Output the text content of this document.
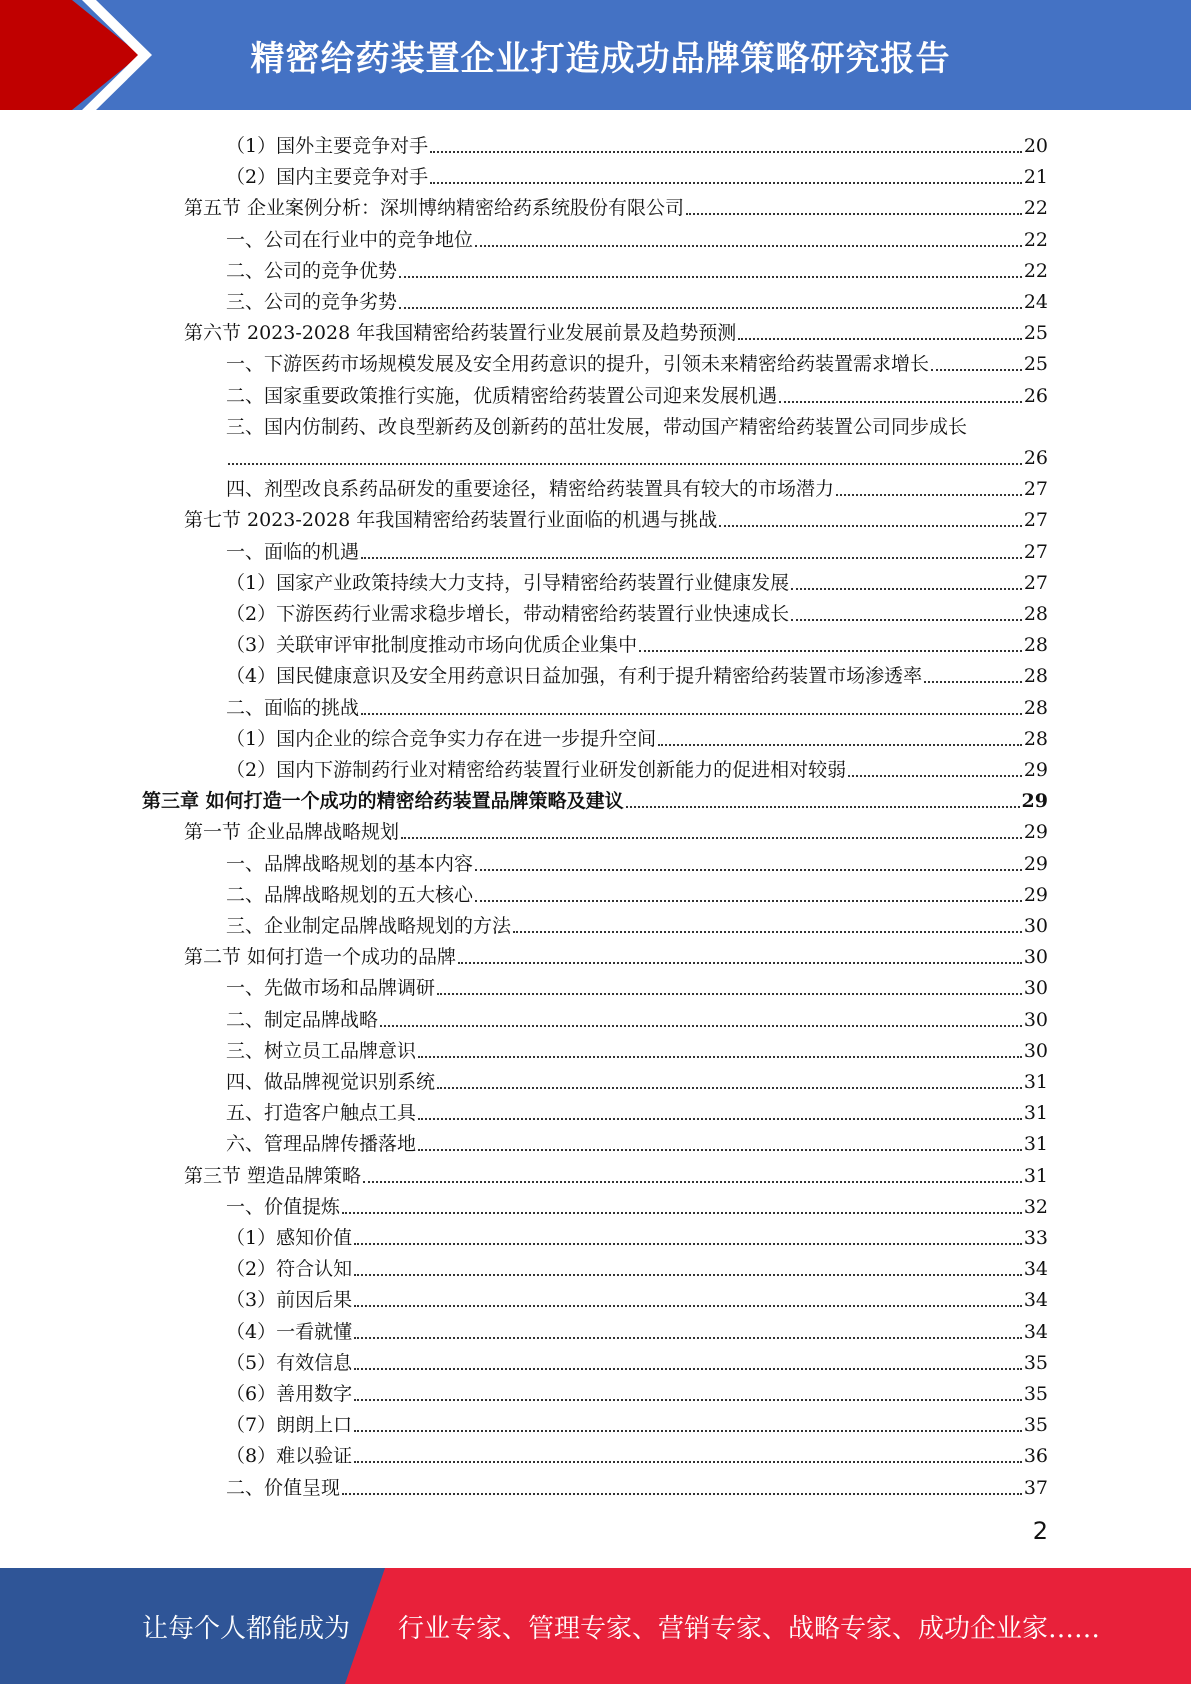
精密给药装置企业打造成功品牌策略研究报告
（1）国外主要竞争对手	20
（2）国内主要竞争对手	21
第五节 企业案例分析：深圳博纳精密给药系统股份有限公司	22
一、公司在行业中的竞争地位	22
二、公司的竞争优势	22
三、公司的竞争劣势	24
第六节 2023-2028 年我国精密给药装置行业发展前景及趋势预测	25
一、下游医药市场规模发展及安全用药意识的提升，引领未来精密给药装置需求增长	25
二、国家重要政策推行实施，优质精密给药装置公司迎来发展机遇	26
三、国内仿制药、改良型新药及创新药的茁壮发展，带动国产精密给药装置公司同步成长
26
四、剂型改良系药品研发的重要途径，精密给药装置具有较大的市场潜力	27
第七节 2023-2028 年我国精密给药装置行业面临的机遇与挑战	27
一、面临的机遇	27
（1）国家产业政策持续大力支持，引导精密给药装置行业健康发展	27
（2）下游医药行业需求稳步增长，带动精密给药装置行业快速成长	28
（3）关联审评审批制度推动市场向优质企业集中	28
（4）国民健康意识及安全用药意识日益加强，有利于提升精密给药装置市场渗透率	28
二、面临的挑战	28
（1）国内企业的综合竞争实力存在进一步提升空间	28
（2）国内下游制药行业对精密给药装置行业研发创新能力的促进相对较弱	29
第三章 如何打造一个成功的精密给药装置品牌策略及建议	29
第一节 企业品牌战略规划	29
一、品牌战略规划的基本内容	29
二、品牌战略规划的五大核心	29
三、企业制定品牌战略规划的方法	30
第二节 如何打造一个成功的品牌	30
一、先做市场和品牌调研	30
二、制定品牌战略	30
三、树立员工品牌意识	30
四、做品牌视觉识别系统	31
五、打造客户触点工具	31
六、管理品牌传播落地	31
第三节 塑造品牌策略	31
一、价值提炼	32
（1）感知价值	33
（2）符合认知	34
（3）前因后果	34
（4）一看就懂	34
（5）有效信息	35
（6）善用数字	35
（7）朗朗上口	35
（8）难以验证	36
二、价值呈现	37
2
让每个人都能成为 行业专家、管理专家、营销专家、战略专家、成功企业家……
